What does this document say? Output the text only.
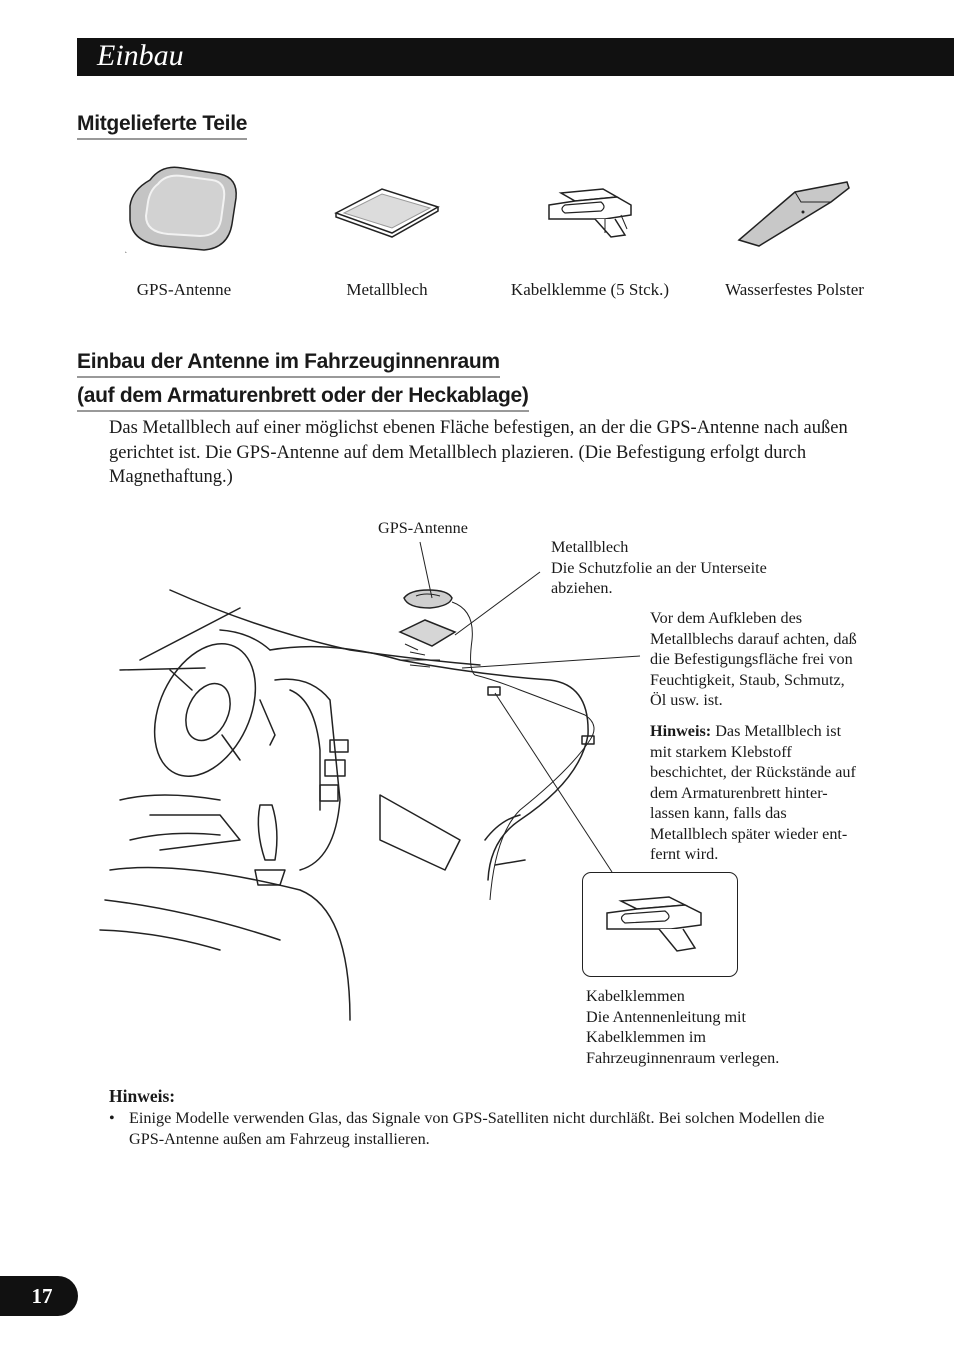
Einbau
Mitgelieferte Teile
GPS-Antenne	Metallblech	Kabelklemme (5 Stck.)	Wasserfestes Polster
Einbau der Antenne im Fahrzeuginnenraum
(auf dem Armaturenbrett oder der Heckablage)
Das Metallblech auf einer möglichst ebenen Fläche befestigen, an der die GPS-Antenne nach außen gerichtet ist. Die GPS-Antenne auf dem Metallblech plazieren. (Die Befestigung erfolgt durch Magnethaftung.)
GPS-Antenne
Metallblech
Die Schutzfolie an der Unterseite
abziehen.
Vor dem Aufkleben des
Metallblechs darauf achten, daß
die Befestigungsfläche frei von
Feuchtigkeit, Staub, Schmutz,
Öl usw. ist.
Hinweis: Das Metallblech ist
mit starkem Klebstoff
beschichtet, der Rückstände auf
dem Armaturenbrett hinter-
lassen kann, falls das
Metallblech später wieder ent-
fernt wird.
Kabelklemmen
Die Antennenleitung mit
Kabelklemmen im
Fahrzeuginnenraum verlegen.
Hinweis:
• Einige Modelle verwenden Glas, das Signale von GPS-Satelliten nicht durchläßt. Bei solchen Modellen die GPS-Antenne außen am Fahrzeug installieren.
17
